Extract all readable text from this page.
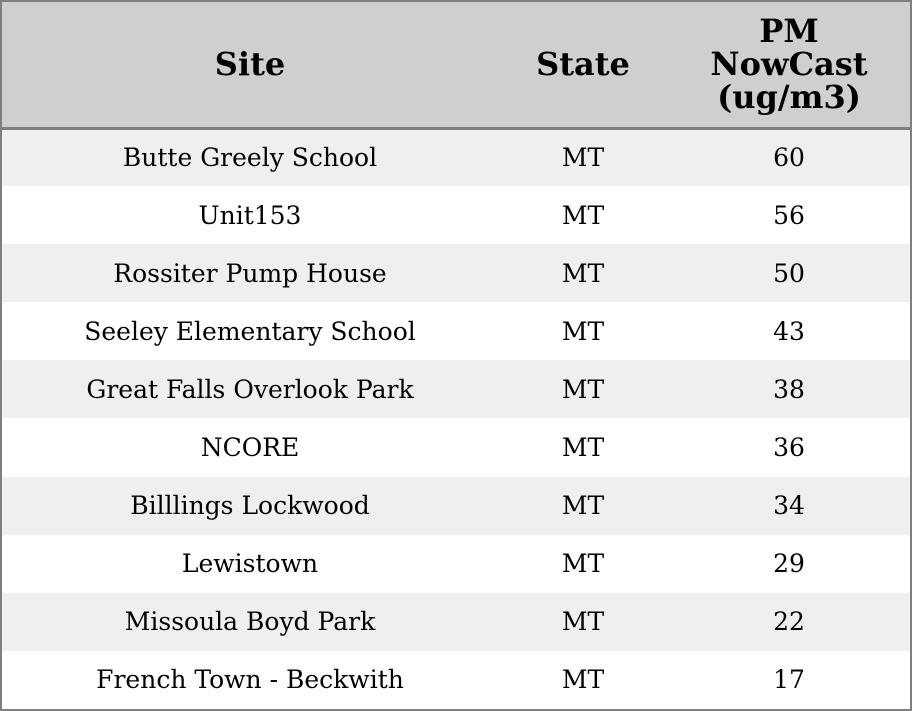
Site	State	PM
NowCast
(ug/m3)
Butte Greely School	MT	60
Unit153	MT	56
Rossiter Pump House	MT	50
Seeley Elementary School	MT	43
Great Falls Overlook Park	MT	38
NCORE	MT	36
Billlings Lockwood	MT	34
Lewistown	MT	29
Missoula Boyd Park	MT	22
French Town - Beckwith	MT	17
